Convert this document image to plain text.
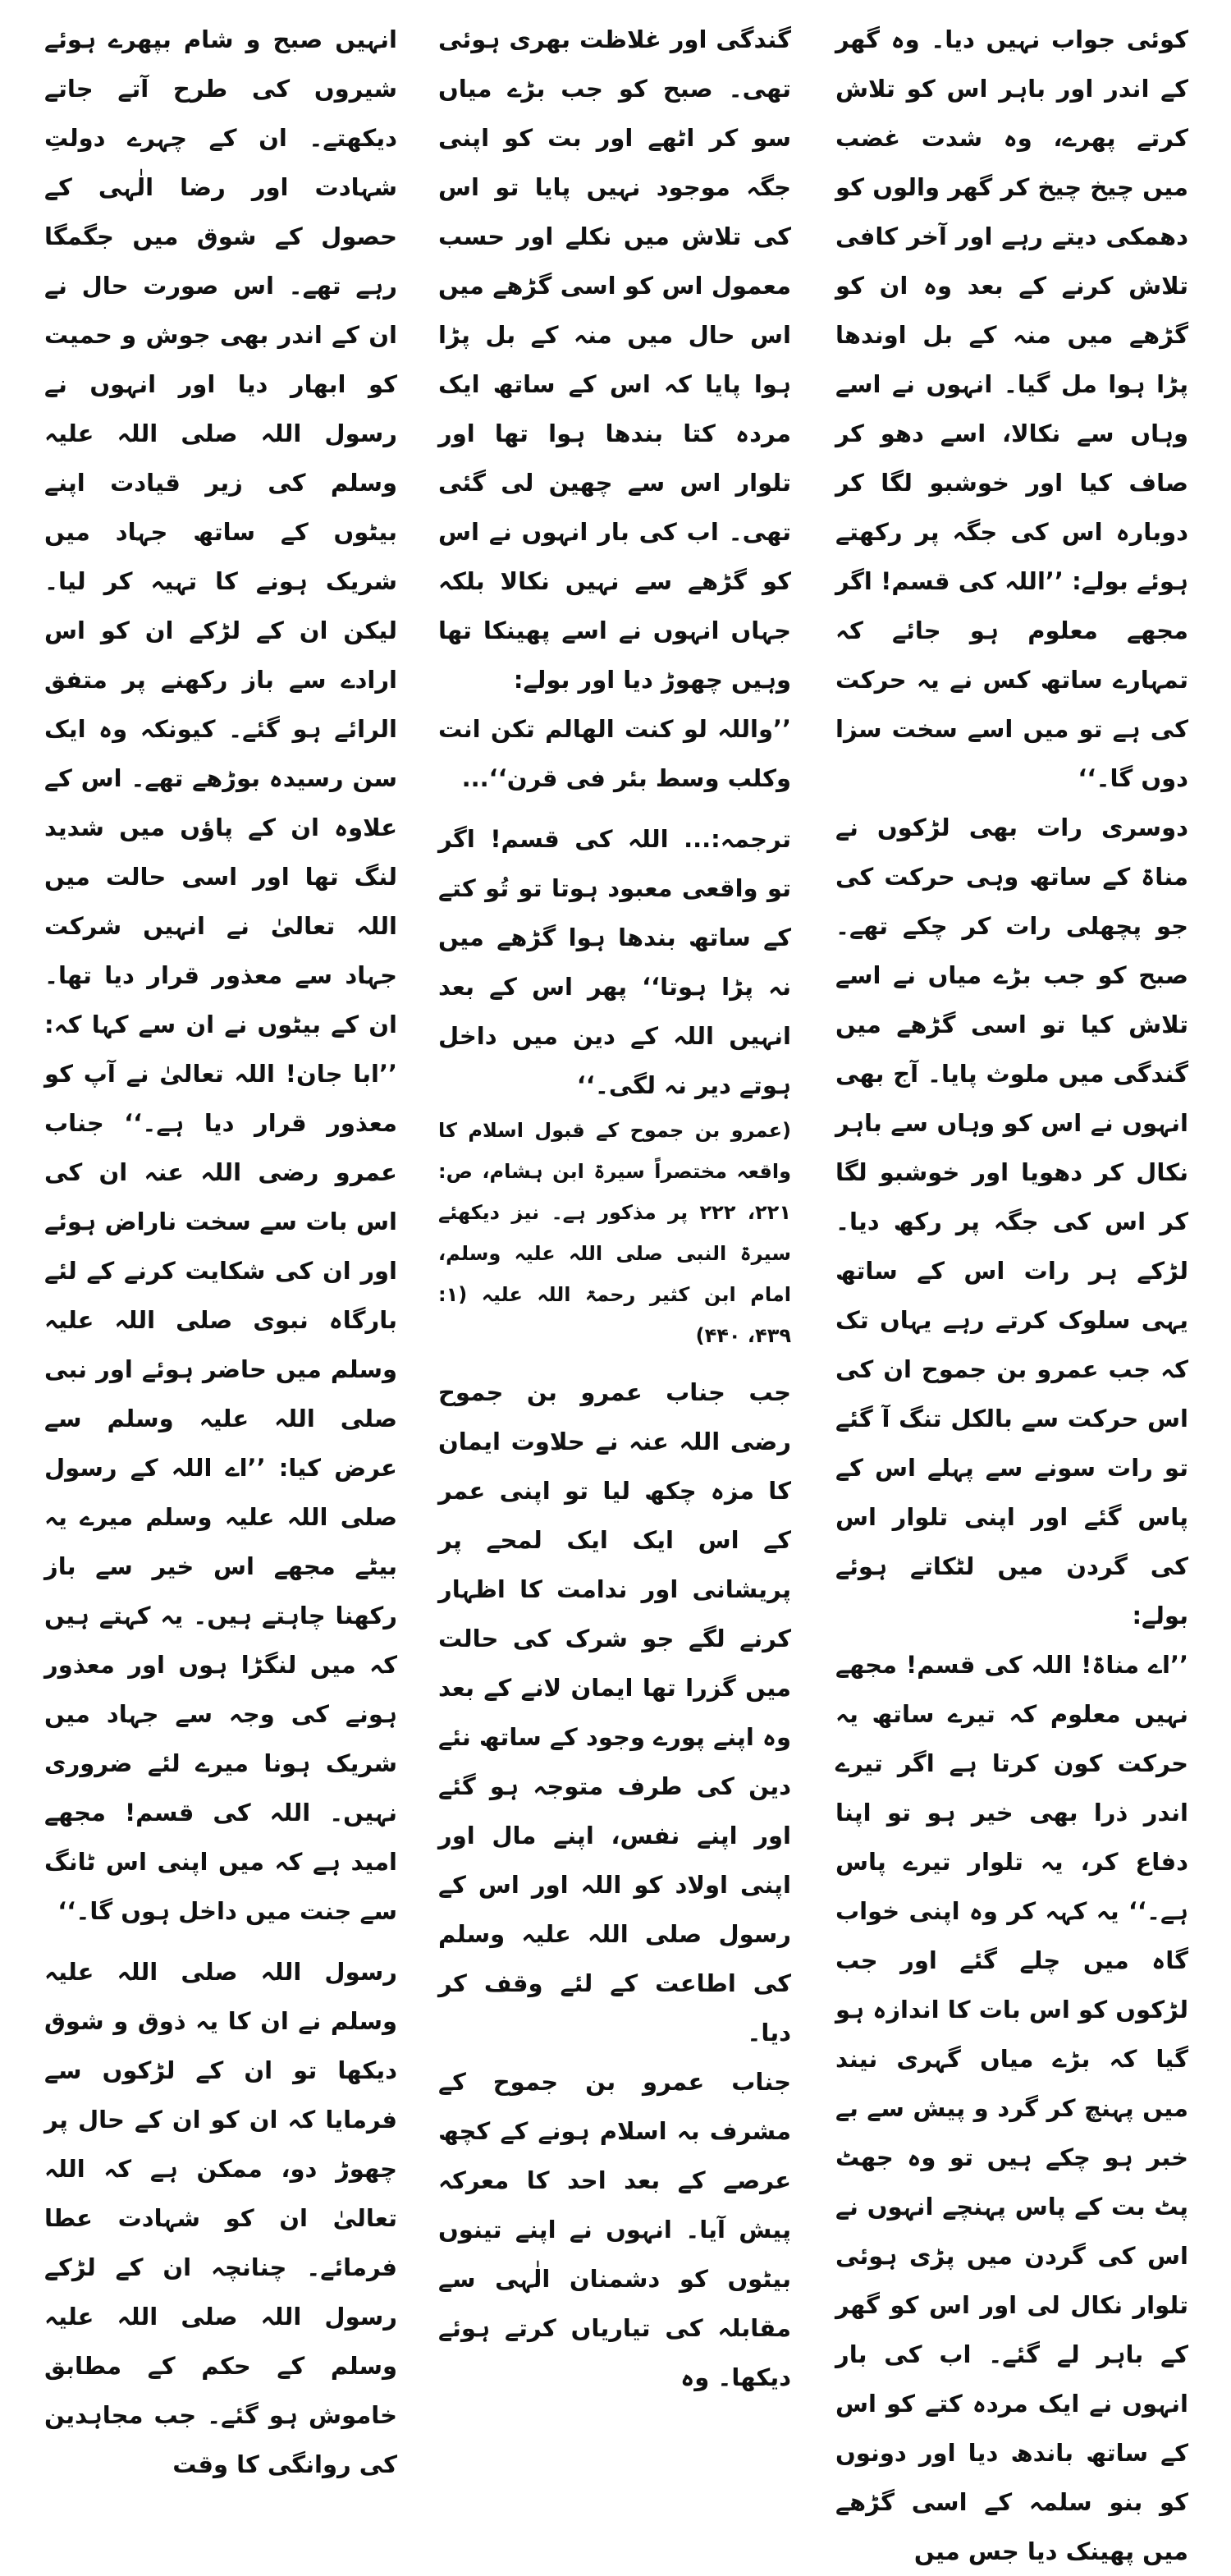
کوئی جواب نہیں دیا۔ وہ گھر کے اندر اور باہر اس کو تلاش کرتے پھرے، وہ شدت غضب میں چیخ چیخ کر گھر والوں کو دھمکی دیتے رہے اور آخر کافی تلاش کرنے کے بعد وہ ان کو گڑھے میں منہ کے بل اوندھا پڑا ہوا مل گیا۔ انہوں نے اسے وہاں سے نکالا، اسے دھو کر صاف کیا اور خوشبو لگا کر دوبارہ اس کی جگہ پر رکھتے ہوئے بولے: ’’اللہ کی قسم! اگر مجھے معلوم ہو جائے کہ تمہارے ساتھ کس نے یہ حرکت کی ہے تو میں اسے سخت سزا دوں گا۔‘‘

دوسری رات بھی لڑکوں نے مناۃ کے ساتھ وہی حرکت کی جو پچھلی رات کر چکے تھے۔ صبح کو جب بڑے میاں نے اسے تلاش کیا تو اسی گڑھے میں گندگی میں ملوث پایا۔ آج بھی انہوں نے اس کو وہاں سے باہر نکال کر دھویا اور خوشبو لگا کر اس کی جگہ پر رکھ دیا۔ لڑکے ہر رات اس کے ساتھ یہی سلوک کرتے رہے یہاں تک کہ جب عمرو بن جموح ان کی اس حرکت سے بالکل تنگ آ گئے تو رات سونے سے پہلے اس کے پاس گئے اور اپنی تلوار اس کی گردن میں لٹکاتے ہوئے بولے:

’’اے مناۃ! اللہ کی قسم! مجھے نہیں معلوم کہ تیرے ساتھ یہ حرکت کون کرتا ہے اگر تیرے اندر ذرا بھی خیر ہو تو اپنا دفاع کر، یہ تلوار تیرے پاس ہے۔‘‘ یہ کہہ کر وہ اپنی خواب گاہ میں چلے گئے اور جب لڑکوں کو اس بات کا اندازہ ہو گیا کہ بڑے میاں گہری نیند میں پہنچ کر گرد و پیش سے بے خبر ہو چکے ہیں تو وہ جھٹ پٹ بت کے پاس پہنچے انہوں نے اس کی گردن میں پڑی ہوئی تلوار نکال لی اور اس کو گھر کے باہر لے گئے۔ اب کی بار انہوں نے ایک مردہ کتے کو اس کے ساتھ باندھ دیا اور دونوں کو بنو سلمہ کے اسی گڑھے میں پھینک دیا جس میں

گندگی اور غلاظت بھری ہوئی تھی۔ صبح کو جب بڑے میاں سو کر اٹھے اور بت کو اپنی جگہ موجود نہیں پایا تو اس کی تلاش میں نکلے اور حسب معمول اس کو اسی گڑھے میں اس حال میں منہ کے بل پڑا ہوا پایا کہ اس کے ساتھ ایک مردہ کتا بندھا ہوا تھا اور تلوار اس سے چھین لی گئی تھی۔ اب کی بار انہوں نے اس کو گڑھے سے نہیں نکالا بلکہ جہاں انہوں نے اسے پھینکا تھا وہیں چھوڑ دیا اور بولے:

’’واللہ لو کنت الھالم تکن انت وکلب وسط بئر فی قرن‘‘...

ترجمہ:... اللہ کی قسم! اگر تو واقعی معبود ہوتا تو تُو کتے کے ساتھ بندھا ہوا گڑھے میں نہ پڑا ہوتا‘‘ پھر اس کے بعد انہیں اللہ کے دین میں داخل ہوتے دیر نہ لگی۔‘‘

(عمرو بن جموح کے قبول اسلام کا واقعہ مختصراً سیرۃ ابن ہشام، ص: ۲۲۱، ۲۲۲ پر مذکور ہے۔ نیز دیکھئے سیرۃ النبی صلی اللہ علیہ وسلم، امام ابن کثیر رحمۃ اللہ علیہ (۱: ۴۳۹، ۴۴۰)

جب جناب عمرو بن جموح رضی اللہ عنہ نے حلاوت ایمان کا مزہ چکھ لیا تو اپنی عمر کے اس ایک ایک لمحے پر پریشانی اور ندامت کا اظہار کرنے لگے جو شرک کی حالت میں گزرا تھا ایمان لانے کے بعد وہ اپنے پورے وجود کے ساتھ نئے دین کی طرف متوجہ ہو گئے اور اپنے نفس، اپنے مال اور اپنی اولاد کو اللہ اور اس کے رسول صلی اللہ علیہ وسلم کی اطاعت کے لئے وقف کر دیا۔

جناب عمرو بن جموح کے مشرف بہ اسلام ہونے کے کچھ عرصے کے بعد احد کا معرکہ پیش آیا۔ انہوں نے اپنے تینوں بیٹوں کو دشمنان الٰہی سے مقابلہ کی تیاریاں کرتے ہوئے دیکھا۔ وہ

انہیں صبح و شام بپھرے ہوئے شیروں کی طرح آتے جاتے دیکھتے۔ ان کے چہرے دولتِ شہادت اور رضا الٰہی کے حصول کے شوق میں جگمگا رہے تھے۔ اس صورت حال نے ان کے اندر بھی جوش و حمیت کو ابھار دیا اور انہوں نے رسول اللہ صلی اللہ علیہ وسلم کی زیر قیادت اپنے بیٹوں کے ساتھ جہاد میں شریک ہونے کا تہیہ کر لیا۔ لیکن ان کے لڑکے ان کو اس ارادے سے باز رکھنے پر متفق الرائے ہو گئے۔ کیونکہ وہ ایک سن رسیدہ بوڑھے تھے۔ اس کے علاوہ ان کے پاؤں میں شدید لنگ تھا اور اسی حالت میں اللہ تعالیٰ نے انہیں شرکت جہاد سے معذور قرار دیا تھا۔ ان کے بیٹوں نے ان سے کہا کہ: ’’ابا جان! اللہ تعالیٰ نے آپ کو معذور قرار دیا ہے۔‘‘ جناب عمرو رضی اللہ عنہ ان کی اس بات سے سخت ناراض ہوئے اور ان کی شکایت کرنے کے لئے بارگاہ نبوی صلی اللہ علیہ وسلم میں حاضر ہوئے اور نبی صلی اللہ علیہ وسلم سے عرض کیا: ’’اے اللہ کے رسول صلی اللہ علیہ وسلم میرے یہ بیٹے مجھے اس خیر سے باز رکھنا چاہتے ہیں۔ یہ کہتے ہیں کہ میں لنگڑا ہوں اور معذور ہونے کی وجہ سے جہاد میں شریک ہونا میرے لئے ضروری نہیں۔ اللہ کی قسم! مجھے امید ہے کہ میں اپنی اس ٹانگ سے جنت میں داخل ہوں گا۔‘‘

رسول اللہ صلی اللہ علیہ وسلم نے ان کا یہ ذوق و شوق دیکھا تو ان کے لڑکوں سے فرمایا کہ ان کو ان کے حال پر چھوڑ دو، ممکن ہے کہ اللہ تعالیٰ ان کو شہادت عطا فرمائے۔ چنانچہ ان کے لڑکے رسول اللہ صلی اللہ علیہ وسلم کے حکم کے مطابق خاموش ہو گئے۔ جب مجاہدین کی روانگی کا وقت
